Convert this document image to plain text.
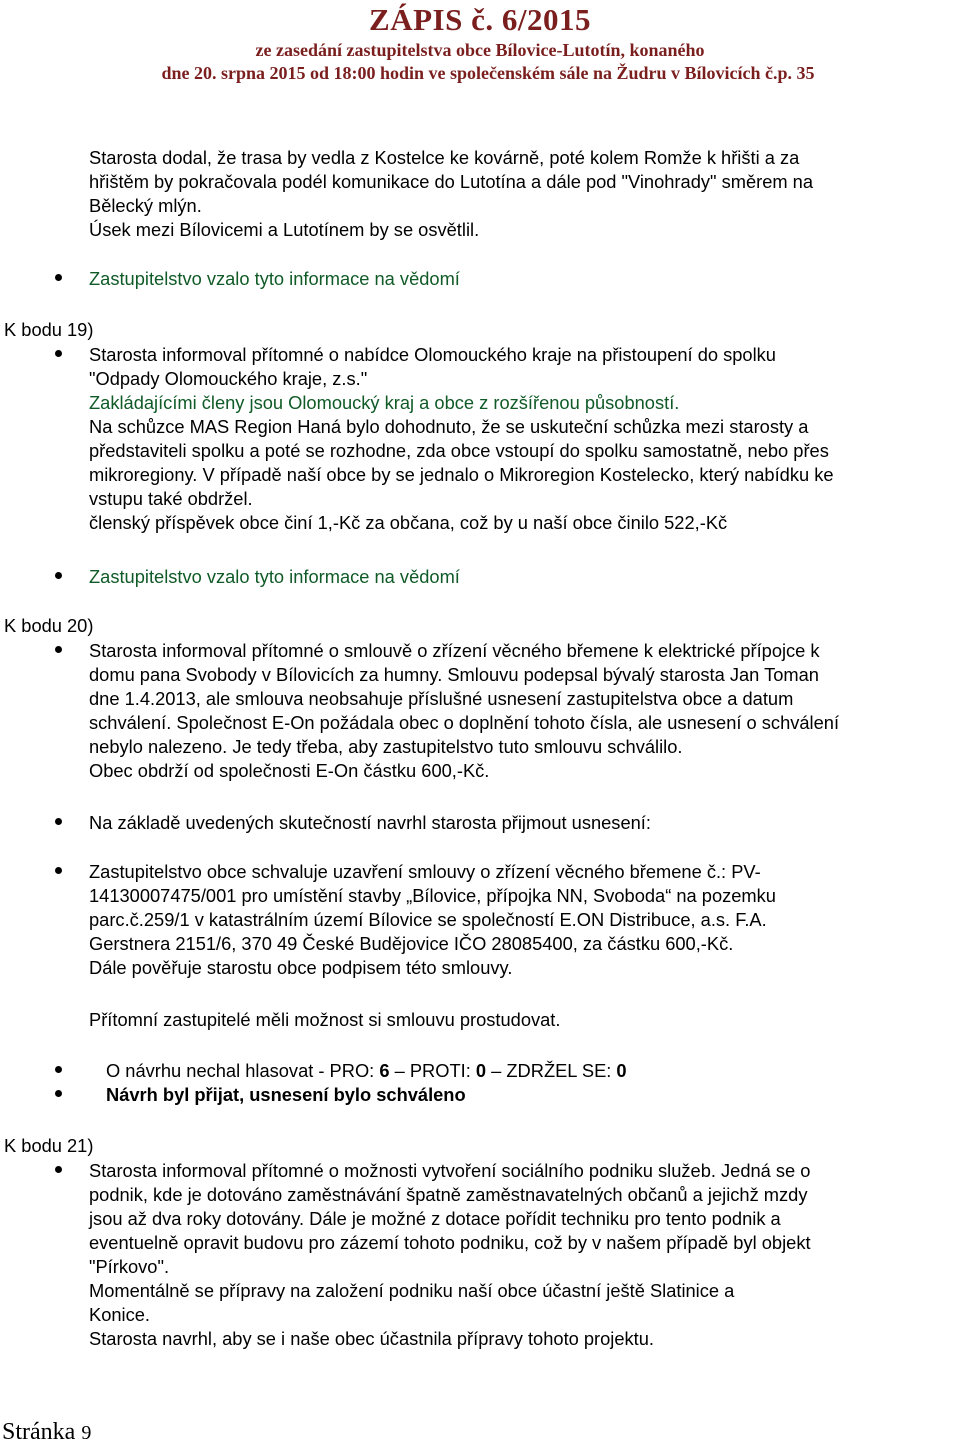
ZÁPIS č. 6/2015
ze zasedání zastupitelstva obce Bílovice-Lutotín, konaného
dne 20. srpna 2015 od 18:00 hodin ve společenském sále na Žudru v Bílovicích č.p. 35
Starosta dodal, že trasa by vedla z Kostelce ke kovárně, poté kolem Romže k hřišti a za
hřištěm by pokračovala podél komunikace do Lutotína a dále pod "Vinohrady" směrem na
Bělecký mlýn.
Úsek mezi Bílovicemi a Lutotínem by se osvětlil.
Zastupitelstvo vzalo tyto informace na vědomí
K bodu 19)
Starosta informoval přítomné o nabídce Olomouckého kraje na přistoupení do spolku
"Odpady Olomouckého kraje, z.s."
Zakládajícími členy jsou Olomoucký kraj a obce z rozšířenou působností.
Na schůzce MAS Region Haná bylo dohodnuto, že se uskuteční schůzka mezi starosty a
představiteli spolku a poté se rozhodne, zda obce vstoupí do spolku samostatně, nebo přes
mikroregiony. V případě naší obce by se jednalo o Mikroregion Kostelecko, který nabídku ke
vstupu také obdržel.
členský příspěvek obce činí 1,-Kč za občana, což by u naší obce činilo 522,-Kč
Zastupitelstvo vzalo tyto informace na vědomí
K bodu 20)
Starosta informoval přítomné o smlouvě o zřízení věcného břemene k elektrické přípojce k
domu pana Svobody v Bílovicích za humny. Smlouvu podepsal bývalý starosta Jan Toman
dne 1.4.2013, ale smlouva neobsahuje příslušné usnesení zastupitelstva obce a datum
schválení. Společnost E-On požádala obec o doplnění tohoto čísla, ale usnesení o schválení
nebylo nalezeno. Je tedy třeba, aby zastupitelstvo tuto smlouvu schválilo.
Obec obdrží od společnosti E-On částku 600,-Kč.
Na základě uvedených skutečností navrhl starosta přijmout usnesení:
Zastupitelstvo obce schvaluje uzavření smlouvy o zřízení věcného břemene č.: PV-
14130007475/001 pro umístění stavby „Bílovice, přípojka NN, Svoboda“ na pozemku
parc.č.259/1 v katastrálním území Bílovice se společností E.ON Distribuce, a.s. F.A.
Gerstnera 2151/6, 370 49 České Budějovice IČO 28085400, za částku 600,-Kč.
Dále pověřuje starostu obce podpisem této smlouvy.
Přítomní zastupitelé měli možnost si smlouvu prostudovat.
O návrhu nechal hlasovat - PRO: 6 – PROTI: 0 – ZDRŽEL SE: 0
Návrh byl přijat, usnesení bylo schváleno
K bodu 21)
Starosta informoval přítomné o možnosti vytvoření sociálního podniku služeb. Jedná se o
podnik, kde je dotováno zaměstnávání špatně zaměstnavatelných občanů a jejichž mzdy
jsou až dva roky dotovány. Dále je možné z dotace pořídit techniku pro tento podnik a
eventuelně opravit budovu pro zázemí tohoto podniku, což by v našem případě byl objekt
"Pírkovo".
Momentálně se přípravy na založení podniku naší obce účastní ještě Slatinice a
Konice.
Starosta navrhl, aby se i naše obec účastnila přípravy tohoto projektu.
Stránka 9
